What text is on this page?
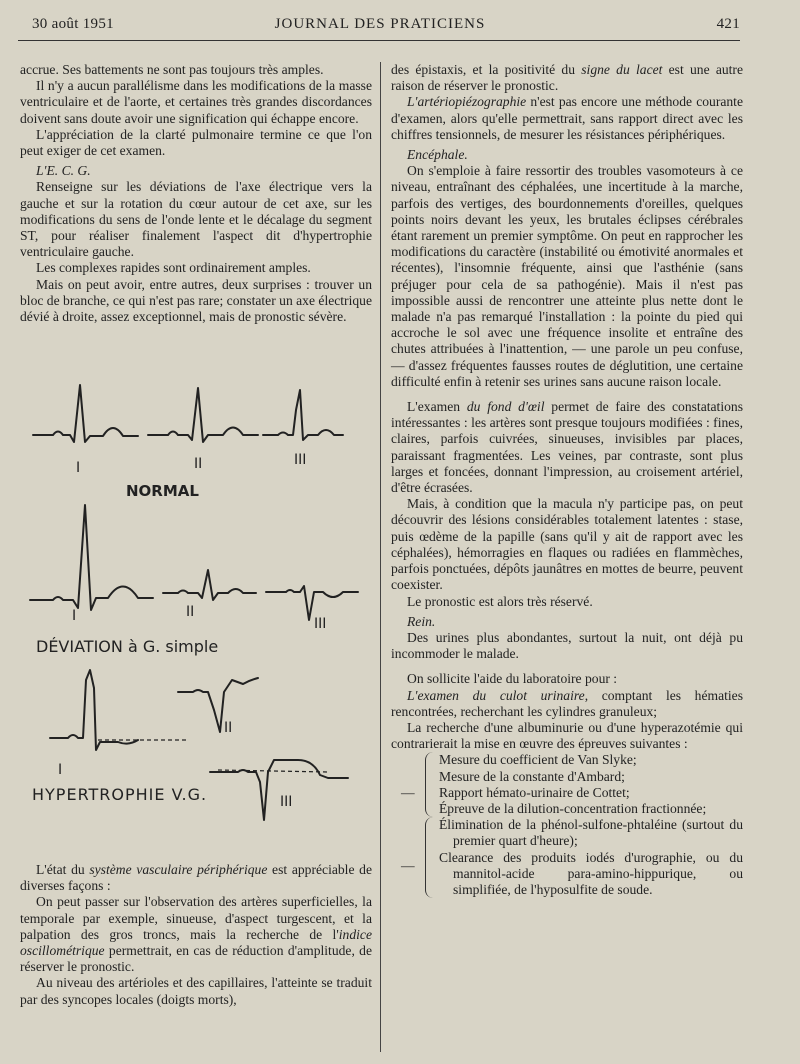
30 août 1951	JOURNAL DES PRATICIENS	421

accrue. Ses battements ne sont pas toujours très amples.

Il n'y a aucun parallélisme dans les modifications de la masse ventriculaire et de l'aorte, et certaines très grandes discordances doivent sans doute avoir une signification qui échappe encore.

L'appréciation de la clarté pulmonaire termine ce que l'on peut exiger de cet examen.

L'E. C. G.

Renseigne sur les déviations de l'axe électrique vers la gauche et sur la rotation du cœur autour de cet axe, sur les modifications du sens de l'onde lente et le décalage du segment ST, pour réaliser finalement l'aspect dit d'hypertrophie ventriculaire gauche.

Les complexes rapides sont ordinairement amples.

Mais on peut avoir, entre autres, deux surprises : trouver un bloc de branche, ce qui n'est pas rare; constater un axe électrique dévié à droite, assez exceptionnel, mais de pronostic sévère.

I	II	III
I	II
III
I
II
III
NORMAL
DÉVIATION à G. simple
HYPERTROPHIE V.G.

L'état du système vasculaire périphérique est appréciable de diverses façons :

On peut passer sur l'observation des artères superficielles, la temporale par exemple, sinueuse, d'aspect turgescent, et la palpation des gros troncs, mais la recherche de l'indice oscillométrique permettrait, en cas de réduction d'amplitude, de réserver le pronostic.

Au niveau des artérioles et des capillaires, l'atteinte se traduit par des syncopes locales (doigts morts),

des épistaxis, et la positivité du signe du lacet est une autre raison de réserver le pronostic.

L'artériopiézographie n'est pas encore une méthode courante d'examen, alors qu'elle permettrait, sans rapport direct avec les chiffres tensionnels, de mesurer les résistances périphériques.

Encéphale.

On s'emploie à faire ressortir des troubles vasomoteurs à ce niveau, entraînant des céphalées, une incertitude à la marche, parfois des vertiges, des bourdonnements d'oreilles, quelques points noirs devant les yeux, les brutales éclipses cérébrales étant rarement un premier symptôme. On peut en rapprocher les modifications du caractère (instabilité ou émotivité anormales et récentes), l'insomnie fréquente, ainsi que l'asthénie (sans préjuger pour cela de sa pathogénie). Mais il n'est pas impossible aussi de rencontrer une atteinte plus nette dont le malade n'a pas remarqué l'installation : la pointe du pied qui accroche le sol avec une fréquence insolite et entraîne des chutes attribuées à l'inattention, — une parole un peu confuse, — d'assez fréquentes fausses routes de déglutition, une certaine difficulté enfin à retenir ses urines sans aucune raison locale.

L'examen du fond d'œil permet de faire des constatations intéressantes : les artères sont presque toujours modifiées : fines, claires, parfois cuivrées, sinueuses, invisibles par places, paraissant fragmentées. Les veines, par contraste, sont plus larges et foncées, donnant l'impression, au croisement artériel, d'être écrasées.

Mais, à condition que la macula n'y participe pas, on peut découvrir des lésions considérables totalement latentes : stase, puis œdème de la papille (sans qu'il y ait de rapport avec les céphalées), hémorragies en flaques ou radiées en flammèches, parfois ponctuées, dépôts jaunâtres en mottes de beurre, peuvent coexister.

Le pronostic est alors très réservé.

Rein.

Des urines plus abondantes, surtout la nuit, ont déjà pu incommoder le malade.

On sollicite l'aide du laboratoire pour :

L'examen du culot urinaire, comptant les hématies rencontrées, recherchant les cylindres granuleux;

La recherche d'une albuminurie ou d'une hyperazotémie qui contrarierait la mise en œuvre des épreuves suivantes :

—

Mesure du coefficient de Van Slyke;

Mesure de la constante d'Ambard;

Rapport hémato-urinaire de Cottet;

Épreuve de la dilution-concentration fractionnée;

—

Élimination de la phénol-sulfone-phtaléine (surtout du premier quart d'heure);

Clearance des produits iodés d'urographie, ou du mannitol-acide para-amino-hippurique, ou simplifiée, de l'hyposulfite de soude.
